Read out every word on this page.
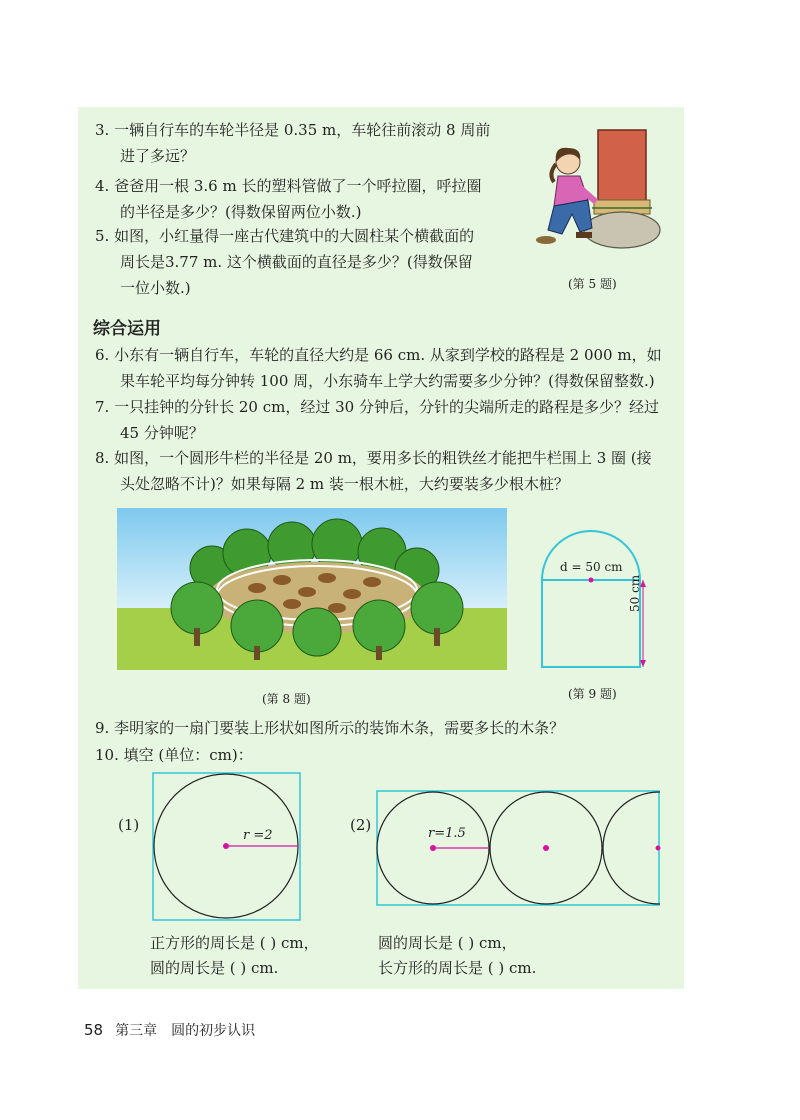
3. 一辆自行车的车轮半径是 0.35 m，车轮往前滚动 8 周前
进了多远？
4. 爸爸用一根 3.6 m 长的塑料管做了一个呼拉圈，呼拉圈
的半径是多少？(得数保留两位小数.)
5. 如图，小红量得一座古代建筑中的大圆柱某个横截面的
周长是3.77 m. 这个横截面的直径是多少？(得数保留
一位小数.)	(第 5 题)
综合运用
6. 小东有一辆自行车，车轮的直径大约是 66 cm. 从家到学校的路程是 2 000 m，如
果车轮平均每分钟转 100 周，小东骑车上学大约需要多少分钟？(得数保留整数.)
7. 一只挂钟的分针长 20 cm，经过 30 分钟后，分针的尖端所走的路程是多少？经过
45 分钟呢？
8. 如图，一个圆形牛栏的半径是 20 m，要用多长的粗铁丝才能把牛栏围上 3 圈 (接
头处忽略不计)？如果每隔 2 m 装一根木桩，大约要装多少根木桩？
(第 8 题)
d = 50 cm
50 cm
(第 9 题)
9. 李明家的一扇门要装上形状如图所示的装饰木条，需要多长的木条？
10. 填空 (单位：cm)：
(1)
r =2
(2)	r=1.5
正方形的周长是 ( ) cm，
圆的周长是 ( ) cm.
圆的周长是 ( ) cm，
长方形的周长是 ( ) cm.
58 第三章　圆的初步认识
